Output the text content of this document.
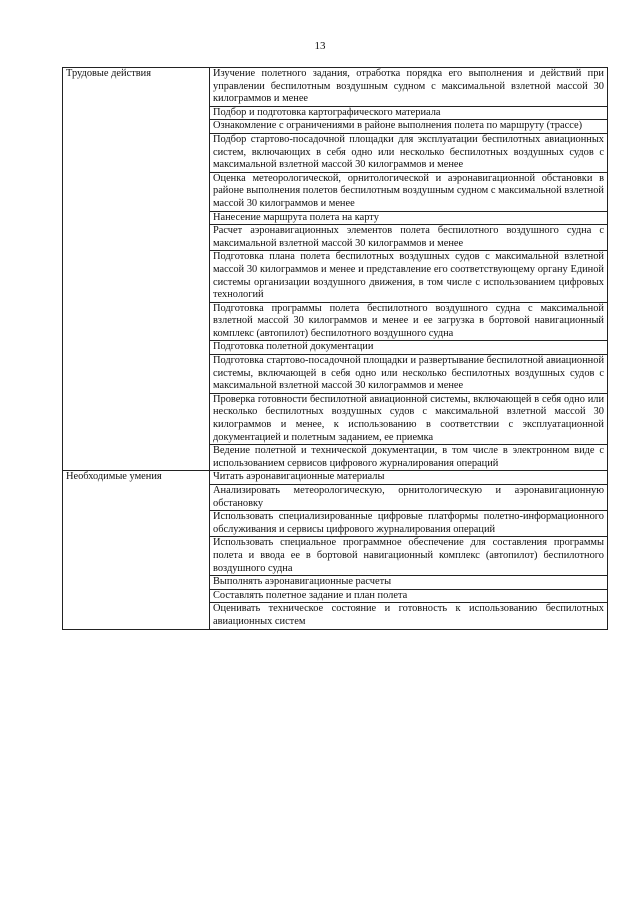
13
Трудовые действия	Изучение полетного задания, отработка порядка его выполнения и действий при управлении беспилотным воздушным судном с максимальной взлетной массой 30 килограммов и менее
	Подбор и подготовка картографического материала
	Ознакомление с ограничениями в районе выполнения полета по маршруту (трассе)
	Подбор стартово-посадочной площадки для эксплуатации беспилотных авиационных систем, включающих в себя одно или несколько беспилотных воздушных судов с максимальной взлетной массой 30 килограммов и менее
	Оценка метеорологической, орнитологической и аэронавигационной обстановки в районе выполнения полетов беспилотным воздушным судном с максимальной взлетной массой 30 килограммов и менее
	Нанесение маршрута полета на карту
	Расчет аэронавигационных элементов полета беспилотного воздушного судна с максимальной взлетной массой 30 килограммов и менее
	Подготовка плана полета беспилотных воздушных судов с максимальной взлетной массой 30 килограммов и менее и представление его соответствующему органу Единой системы организации воздушного движения, в том числе с использованием цифровых технологий
	Подготовка программы полета беспилотного воздушного судна с максимальной взлетной массой 30 килограммов и менее и ее загрузка в бортовой навигационный комплекс (автопилот) беспилотного воздушного судна
	Подготовка полетной документации
	Подготовка стартово-посадочной площадки и развертывание беспилотной авиационной системы, включающей в себя одно или несколько беспилотных воздушных судов с максимальной взлетной массой 30 килограммов и менее
	Проверка готовности беспилотной авиационной системы, включающей в себя одно или несколько беспилотных воздушных судов с максимальной взлетной массой 30 килограммов и менее, к использованию в соответствии с эксплуатационной документацией и полетным заданием, ее приемка
	Ведение полетной и технической документации, в том числе в электронном виде с использованием сервисов цифрового журналирования операций
Необходимые умения	Читать аэронавигационные материалы
	Анализировать метеорологическую, орнитологическую и аэронавигационную обстановку
	Использовать специализированные цифровые платформы полетно-информационного обслуживания и сервисы цифрового журналирования операций
	Использовать специальное программное обеспечение для составления программы полета и ввода ее в бортовой навигационный комплекс (автопилот) беспилотного воздушного судна
	Выполнять аэронавигационные расчеты
	Составлять полетное задание и план полета
	Оценивать техническое состояние и готовность к использованию беспилотных авиационных систем
